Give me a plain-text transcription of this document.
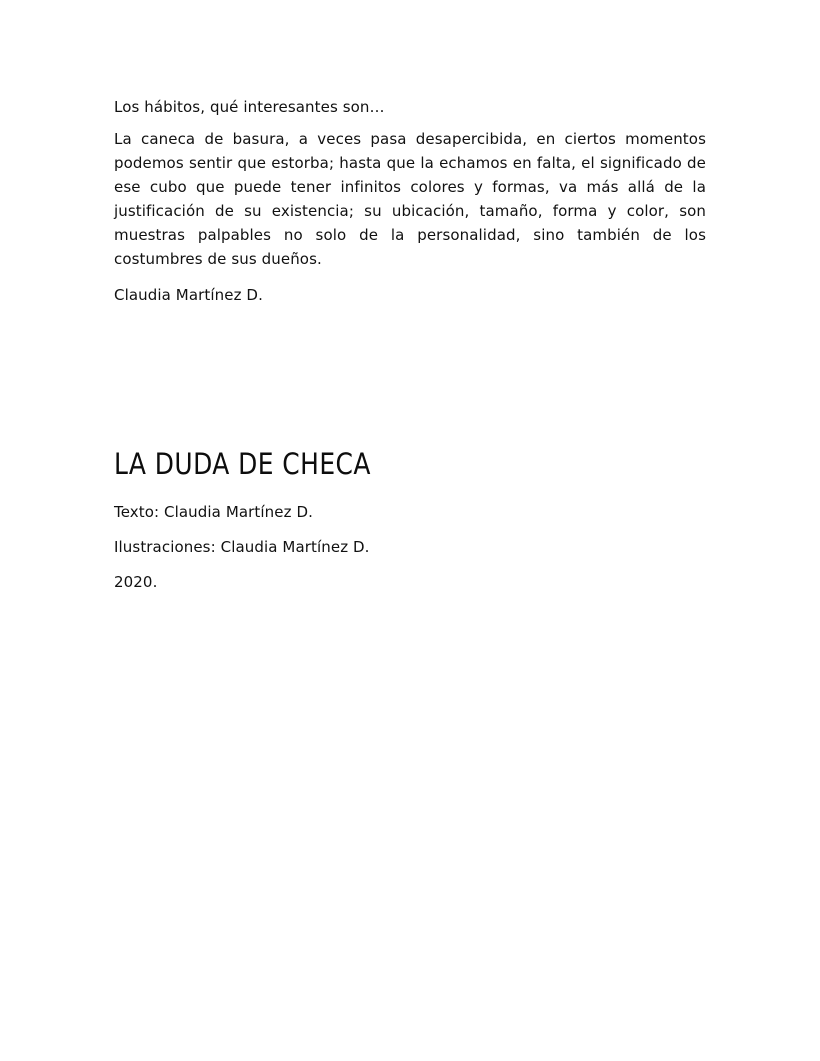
Los hábitos, qué interesantes son…

La caneca de basura, a veces pasa desapercibida, en ciertos momentos podemos sentir que estorba; hasta que la echamos en falta, el significado de ese cubo que puede tener infinitos colores y formas, va más allá de la justificación de su existencia; su ubicación, tamaño, forma y color, son muestras palpables no solo de la personalidad, sino también de los costumbres de sus dueños.

Claudia Martínez D.

LA DUDA DE CHECA

Texto: Claudia Martínez D.

Ilustraciones: Claudia Martínez D.

2020.
